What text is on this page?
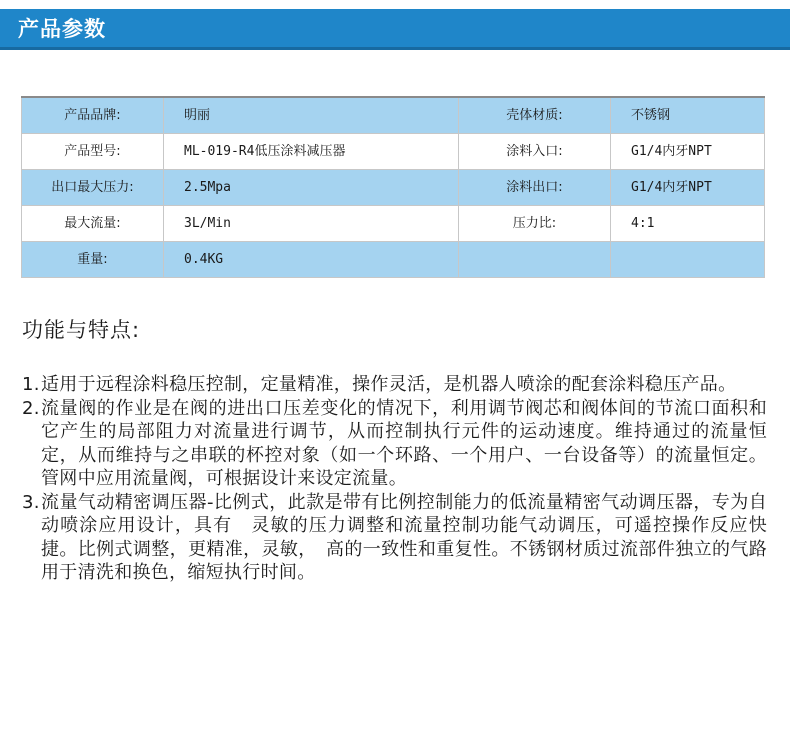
产品参数
产品品牌:	明丽	壳体材质:	不锈钢
产品型号:	ML-019-R4低压涂料减压器	涂料入口:	G1/4内牙NPT
出口最大压力:	2.5Mpa	涂料出口:	G1/4内牙NPT
最大流量:	3L/Min	压力比:	4:1
重量:	0.4KG		
功能与特点:
1. 适用于远程涂料稳压控制，定量精准，操作灵活，是机器人喷涂的配套涂料稳压产品。
2. 流量阀的作业是在阀的进出口压差变化的情况下，利用调节阀芯和阀体间的节流口面积和它产生的局部阻力对流量进行调节，从而控制执行元件的运动速度。维持通过的流量恒定，从而维持与之串联的杯控对象（如一个环路、一个用户、一台设备等）的流量恒定。管网中应用流量阀，可根据设计来设定流量。
3. 流量气动精密调压器-比例式，此款是带有比例控制能力的低流量精密气动调压器，专为自动喷涂应用设计，具有　灵敏的压力调整和流量控制功能气动调压，可遥控操作反应快捷。比例式调整，更精准，灵敏，　高的一致性和重复性。不锈钢材质过流部件独立的气路用于清洗和换色，缩短执行时间。
